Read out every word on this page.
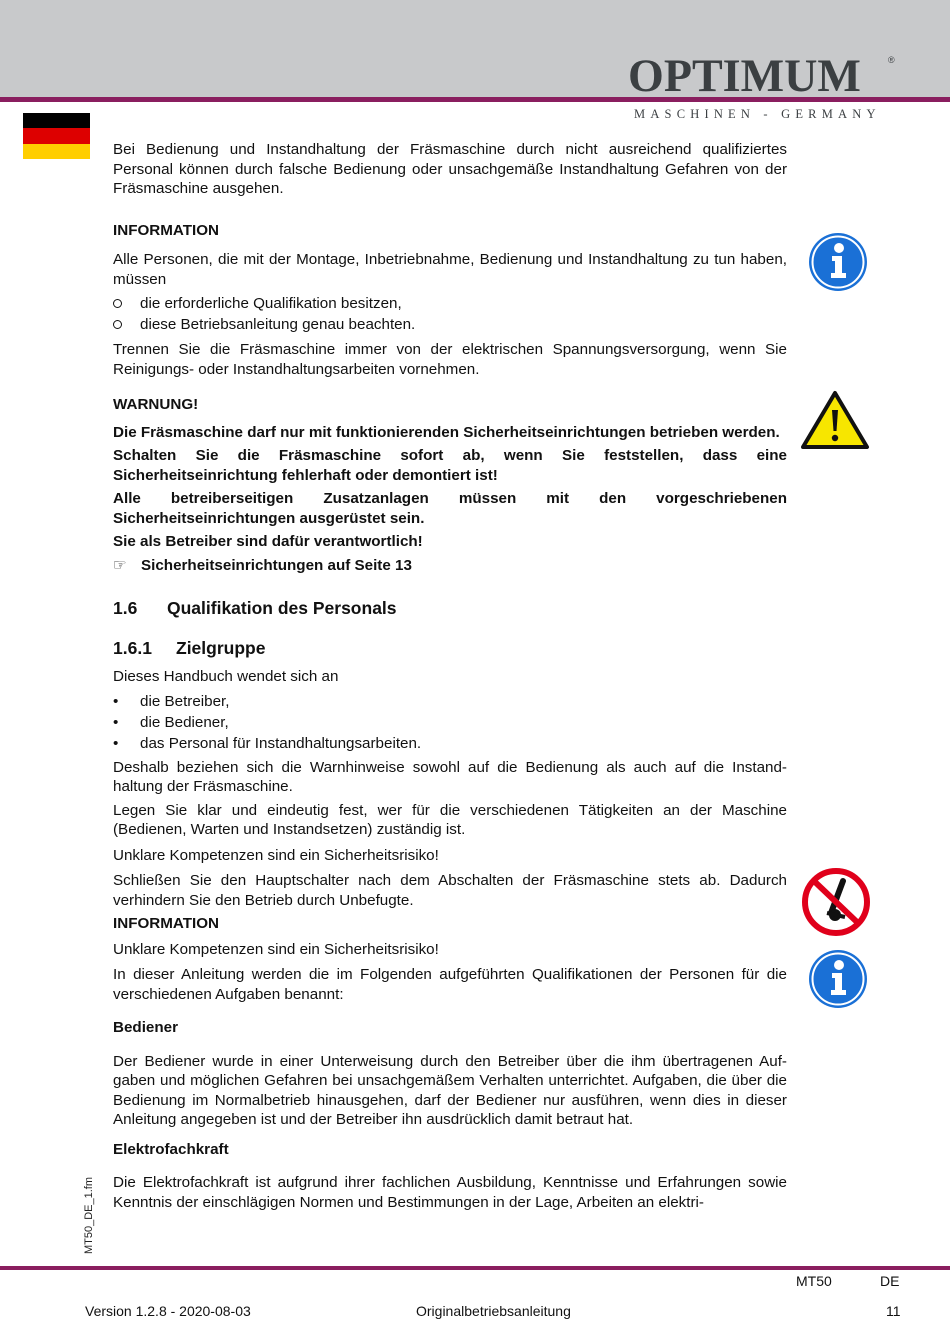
OPTIMUM	®
MASCHINEN - GERMANY

Bei Bedienung und Instandhaltung der Fräsmaschine durch nicht ausreichend qualifiziertes Personal können durch falsche Bedienung oder unsachgemäße Instandhaltung Gefahren von der Fräsmaschine ausgehen.

INFORMATION

Alle Personen, die mit der Montage, Inbetriebnahme, Bedienung und Instandhaltung zu tun haben, müssen

die erforderliche Qualifikation besitzen,
diese Betriebsanleitung genau beachten.

Trennen Sie die Fräsmaschine immer von der elektrischen Spannungsversorgung, wenn Sie Reinigungs- oder Instandhaltungsarbeiten vornehmen.

WARNUNG!

Die Fräsmaschine darf nur mit funktionierenden Sicherheitseinrichtungen betrieben werden.

Schalten Sie die Fräsmaschine sofort ab, wenn Sie feststellen, dass eine Sicherheitseinrichtung fehlerhaft oder demontiert ist!

Alle betreiberseitigen Zusatzanlagen müssen mit den vorgeschriebenen Sicherheitseinrichtungen ausgerüstet sein.

Sie als Betreiber sind dafür verantwortlich!

☞ Sicherheitseinrichtungen auf Seite 13

1.6 Qualifikation des Personals

1.6.1 Zielgruppe

Dieses Handbuch wendet sich an

• die Betreiber,
• die Bediener,
• das Personal für Instandhaltungsarbeiten.

Deshalb beziehen sich die Warnhinweise sowohl auf die Bedienung als auch auf die Instand-haltung der Fräsmaschine.

Legen Sie klar und eindeutig fest, wer für die verschiedenen Tätigkeiten an der Maschine (Bedienen, Warten und Instandsetzen) zuständig ist.

Unklare Kompetenzen sind ein Sicherheitsrisiko!

Schließen Sie den Hauptschalter nach dem Abschalten der Fräsmaschine stets ab. Dadurch verhindern Sie den Betrieb durch Unbefugte.

INFORMATION

Unklare Kompetenzen sind ein Sicherheitsrisiko!

In dieser Anleitung werden die im Folgenden aufgeführten Qualifikationen der Personen für die verschiedenen Aufgaben benannt:

Bediener

Der Bediener wurde in einer Unterweisung durch den Betreiber über die ihm übertragenen Auf-gaben und möglichen Gefahren bei unsachgemäßem Verhalten unterrichtet. Aufgaben, die über die Bedienung im Normalbetrieb hinausgehen, darf der Bediener nur ausführen, wenn dies in dieser Anleitung angegeben ist und der Betreiber ihn ausdrücklich damit betraut hat.

Elektrofachkraft

Die Elektrofachkraft ist aufgrund ihrer fachlichen Ausbildung, Kenntnisse und Erfahrungen sowie Kenntnis der einschlägigen Normen und Bestimmungen in der Lage, Arbeiten an elektri-

MT50_DE_1.fm
MT50	DE
Version 1.2.8 - 2020-08-03	Originalbetriebsanleitung	11
